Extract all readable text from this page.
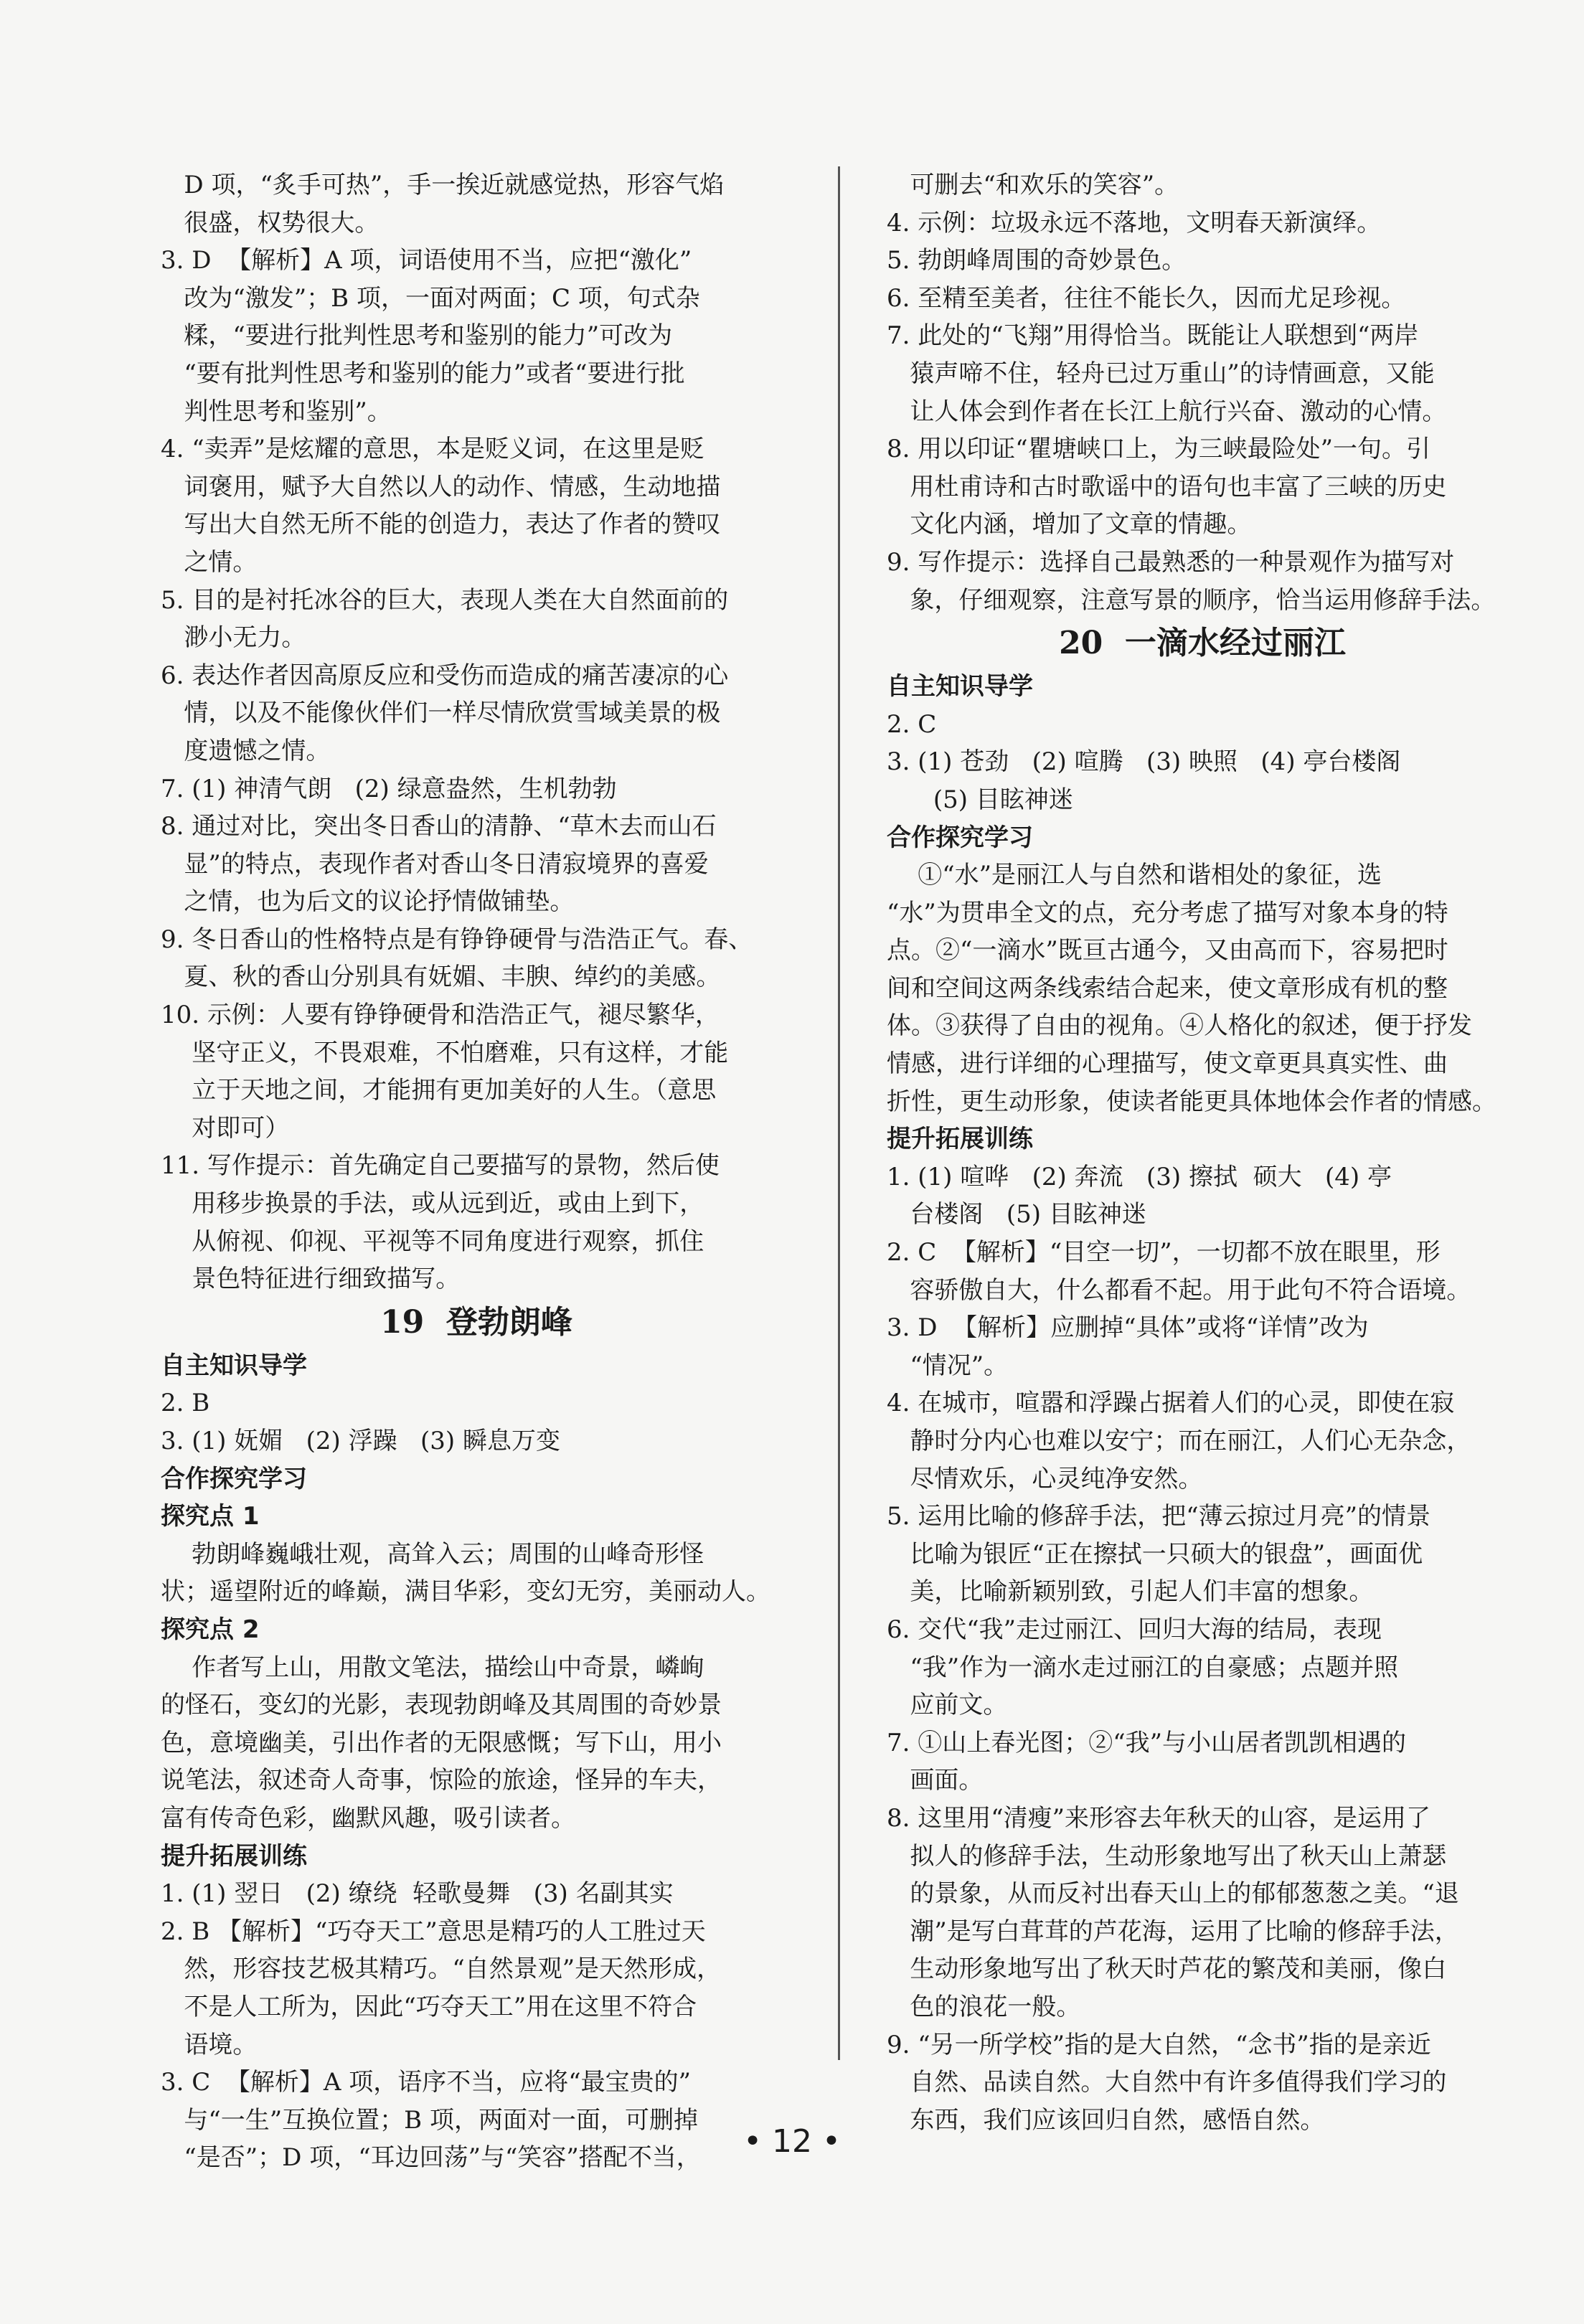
D 项，“炙手可热”，手一挨近就感觉热，形容气焰
很盛，权势很大。
3. D  【解析】A 项，词语使用不当，应把“激化”
改为“激发”；B 项，一面对两面；C 项，句式杂
糅，“要进行批判性思考和鉴别的能力”可改为
“要有批判性思考和鉴别的能力”或者“要进行批
判性思考和鉴别”。
4. “卖弄”是炫耀的意思，本是贬义词，在这里是贬
词褒用，赋予大自然以人的动作、情感，生动地描
写出大自然无所不能的创造力，表达了作者的赞叹
之情。
5. 目的是衬托冰谷的巨大，表现人类在大自然面前的
渺小无力。
6. 表达作者因高原反应和受伤而造成的痛苦凄凉的心
情，以及不能像伙伴们一样尽情欣赏雪域美景的极
度遗憾之情。
7. (1) 神清气朗   (2) 绿意盎然，生机勃勃
8. 通过对比，突出冬日香山的清静、“草木去而山石
显”的特点，表现作者对香山冬日清寂境界的喜爱
之情，也为后文的议论抒情做铺垫。
9. 冬日香山的性格特点是有铮铮硬骨与浩浩正气。春、
夏、秋的香山分别具有妩媚、丰腴、绰约的美感。
10. 示例：人要有铮铮硬骨和浩浩正气，褪尽繁华，
坚守正义，不畏艰难，不怕磨难，只有这样，才能
立于天地之间，才能拥有更加美好的人生。（意思
对即可）
11. 写作提示：首先确定自己要描写的景物，然后使
用移步换景的手法，或从远到近，或由上到下，
从俯视、仰视、平视等不同角度进行观察，抓住
景色特征进行细致描写。
19  登勃朗峰
自主知识导学
2. B
3. (1) 妩媚   (2) 浮躁   (3) 瞬息万变
合作探究学习
探究点 1
勃朗峰巍峨壮观，高耸入云；周围的山峰奇形怪
状；遥望附近的峰巅，满目华彩，变幻无穷，美丽动人。
探究点 2
作者写上山，用散文笔法，描绘山中奇景，嶙峋
的怪石，变幻的光影，表现勃朗峰及其周围的奇妙景
色，意境幽美，引出作者的无限感慨；写下山，用小
说笔法，叙述奇人奇事，惊险的旅途，怪异的车夫，
富有传奇色彩，幽默风趣，吸引读者。
提升拓展训练
1. (1) 翌日   (2) 缭绕  轻歌曼舞   (3) 名副其实
2. B 【解析】“巧夺天工”意思是精巧的人工胜过天
然，形容技艺极其精巧。“自然景观”是天然形成，
不是人工所为，因此“巧夺天工”用在这里不符合
语境。
3. C  【解析】A 项，语序不当，应将“最宝贵的”
与“一生”互换位置；B 项，两面对一面，可删掉
“是否”；D 项，“耳边回荡”与“笑容”搭配不当，
可删去“和欢乐的笑容”。
4. 示例：垃圾永远不落地，文明春天新演绎。
5. 勃朗峰周围的奇妙景色。
6. 至精至美者，往往不能长久，因而尤足珍视。
7. 此处的“飞翔”用得恰当。既能让人联想到“两岸
猿声啼不住，轻舟已过万重山”的诗情画意，又能
让人体会到作者在长江上航行兴奋、激动的心情。
8. 用以印证“瞿塘峡口上，为三峡最险处”一句。引
用杜甫诗和古时歌谣中的语句也丰富了三峡的历史
文化内涵，增加了文章的情趣。
9. 写作提示：选择自己最熟悉的一种景观作为描写对
象，仔细观察，注意写景的顺序，恰当运用修辞手法。
20  一滴水经过丽江
自主知识导学
2. C
3. (1) 苍劲   (2) 喧腾   (3) 映照   (4) 亭台楼阁
(5) 目眩神迷
合作探究学习
①“水”是丽江人与自然和谐相处的象征，选
“水”为贯串全文的点，充分考虑了描写对象本身的特
点。②“一滴水”既亘古通今，又由高而下，容易把时
间和空间这两条线索结合起来，使文章形成有机的整
体。③获得了自由的视角。④人格化的叙述，便于抒发
情感，进行详细的心理描写，使文章更具真实性、曲
折性，更生动形象，使读者能更具体地体会作者的情感。
提升拓展训练
1. (1) 喧哗   (2) 奔流   (3) 擦拭  硕大   (4) 亭
台楼阁   (5) 目眩神迷
2. C  【解析】“目空一切”，一切都不放在眼里，形
容骄傲自大，什么都看不起。用于此句不符合语境。
3. D  【解析】应删掉“具体”或将“详情”改为
“情况”。
4. 在城市，喧嚣和浮躁占据着人们的心灵，即使在寂
静时分内心也难以安宁；而在丽江，人们心无杂念，
尽情欢乐，心灵纯净安然。
5. 运用比喻的修辞手法，把“薄云掠过月亮”的情景
比喻为银匠“正在擦拭一只硕大的银盘”，画面优
美，比喻新颖别致，引起人们丰富的想象。
6. 交代“我”走过丽江、回归大海的结局，表现
“我”作为一滴水走过丽江的自豪感；点题并照
应前文。
7. ①山上春光图；②“我”与小山居者凯凯相遇的
画面。
8. 这里用“清瘦”来形容去年秋天的山容，是运用了
拟人的修辞手法，生动形象地写出了秋天山上萧瑟
的景象，从而反衬出春天山上的郁郁葱葱之美。“退
潮”是写白茸茸的芦花海，运用了比喻的修辞手法，
生动形象地写出了秋天时芦花的繁茂和美丽，像白
色的浪花一般。
9. “另一所学校”指的是大自然，“念书”指的是亲近
自然、品读自然。大自然中有许多值得我们学习的
东西，我们应该回归自然，感悟自然。
• 12 •
